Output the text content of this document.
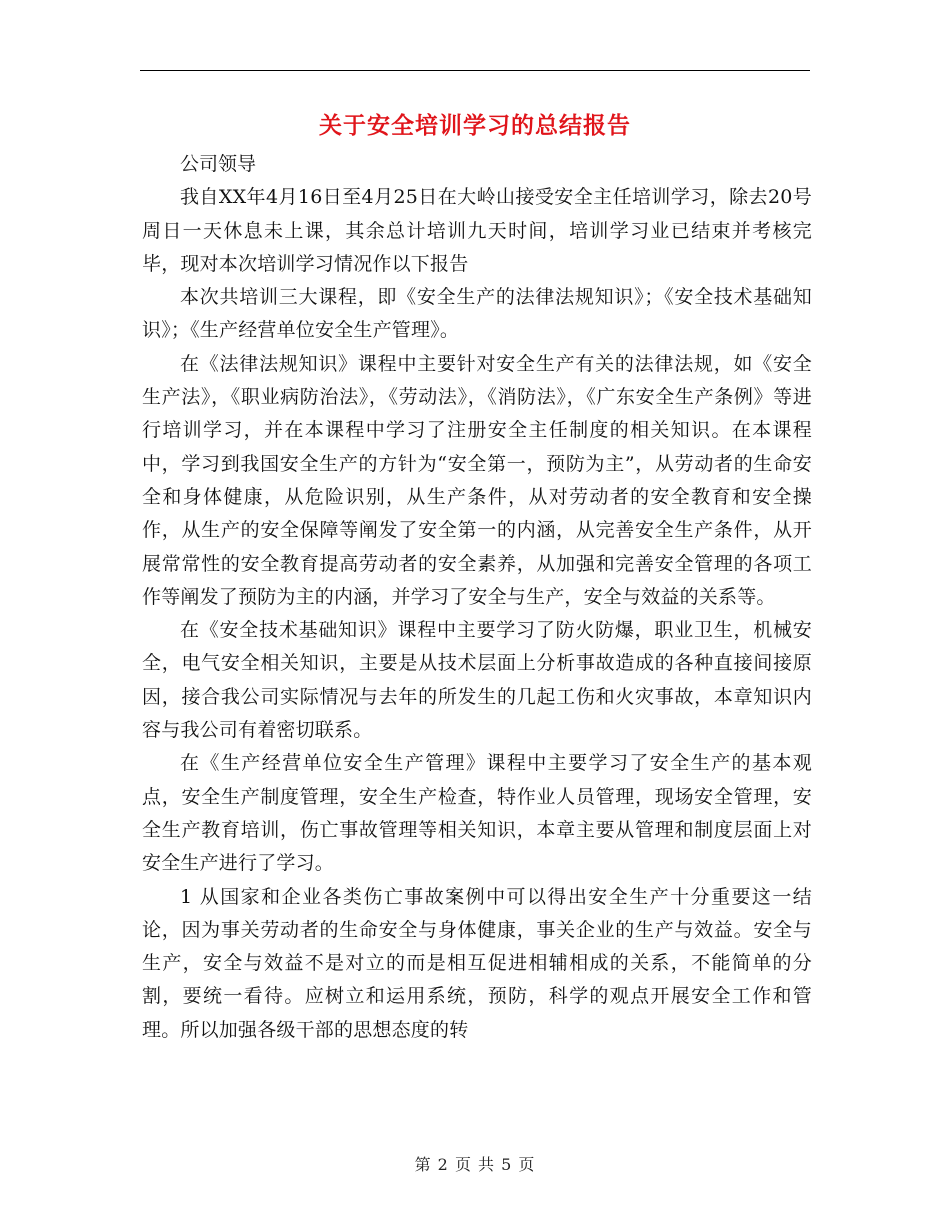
关于安全培训学习的总结报告

公司领导

我自XX年4月16日至4月25日在大岭山接受安全主任培训学习，除去20号周日一天休息未上课，其余总计培训九天时间，培训学习业已结束并考核完毕，现对本次培训学习情况作以下报告

本次共培训三大课程，即《安全生产的法律法规知识》；《安全技术基础知识》；《生产经营单位安全生产管理》。

在《法律法规知识》课程中主要针对安全生产有关的法律法规，如《安全生产法》，《职业病防治法》，《劳动法》，《消防法》，《广东安全生产条例》等进行培训学习，并在本课程中学习了注册安全主任制度的相关知识。在本课程中，学习到我国安全生产的方针为“安全第一，预防为主”，从劳动者的生命安全和身体健康，从危险识别，从生产条件，从对劳动者的安全教育和安全操作，从生产的安全保障等阐发了安全第一的内涵，从完善安全生产条件，从开展常常性的安全教育提高劳动者的安全素养，从加强和完善安全管理的各项工作等阐发了预防为主的内涵，并学习了安全与生产，安全与效益的关系等。

在《安全技术基础知识》课程中主要学习了防火防爆，职业卫生，机械安全，电气安全相关知识，主要是从技术层面上分析事故造成的各种直接间接原因，接合我公司实际情况与去年的所发生的几起工伤和火灾事故，本章知识内容与我公司有着密切联系。

在《生产经营单位安全生产管理》课程中主要学习了安全生产的基本观点，安全生产制度管理，安全生产检查，特作业人员管理，现场安全管理，安全生产教育培训，伤亡事故管理等相关知识，本章主要从管理和制度层面上对安全生产进行了学习。

1 从国家和企业各类伤亡事故案例中可以得出安全生产十分重要这一结论，因为事关劳动者的生命安全与身体健康，事关企业的生产与效益。安全与生产，安全与效益不是对立的而是相互促进相辅相成的关系，不能简单的分割，要统一看待。应树立和运用系统，预防，科学的观点开展安全工作和管理。所以加强各级干部的思想态度的转

第 2 页 共 5 页
